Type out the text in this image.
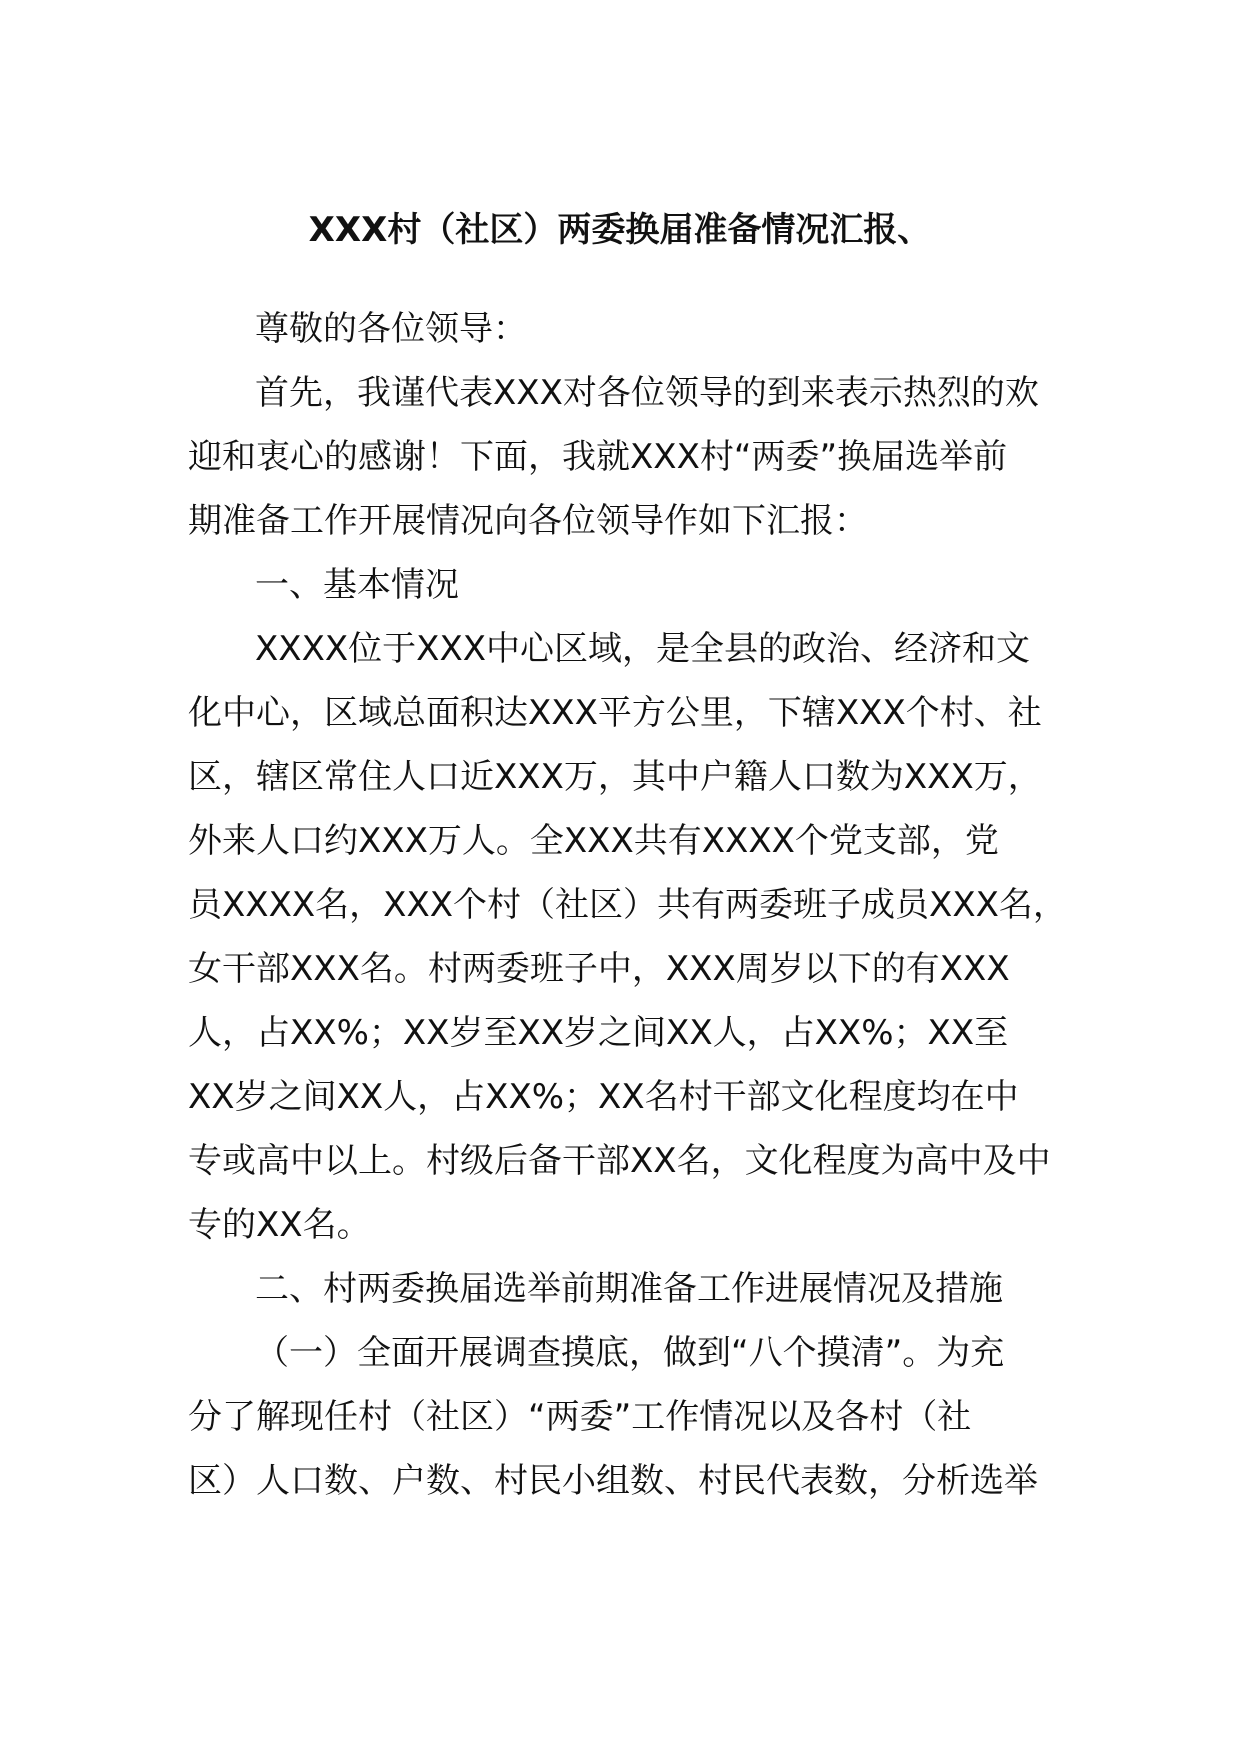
XXX村（社区）两委换届准备情况汇报、
尊敬的各位领导：
首先，我谨代表XXX对各位领导的到来表示热烈的欢
迎和衷心的感谢！下面，我就XXX村“两委”换届选举前
期准备工作开展情况向各位领导作如下汇报：
一、基本情况
XXXX位于XXX中心区域，是全县的政治、经济和文
化中心，区域总面积达XXX平方公里，下辖XXX个村、社
区，辖区常住人口近XXX万，其中户籍人口数为XXX万，
外来人口约XXX万人。全XXX共有XXXX个党支部，党
员XXXX名，XXX个村（社区）共有两委班子成员XXX名，
女干部XXX名。村两委班子中，XXX周岁以下的有XXX
人，占XX%；XX岁至XX岁之间XX人，占XX%；XX至
XX岁之间XX人，占XX%；XX名村干部文化程度均在中
专或高中以上。村级后备干部XX名，文化程度为高中及中
专的XX名。
二、村两委换届选举前期准备工作进展情况及措施
（一）全面开展调查摸底，做到“八个摸清”。为充
分了解现任村（社区）“两委”工作情况以及各村（社
区）人口数、户数、村民小组数、村民代表数，分析选举
